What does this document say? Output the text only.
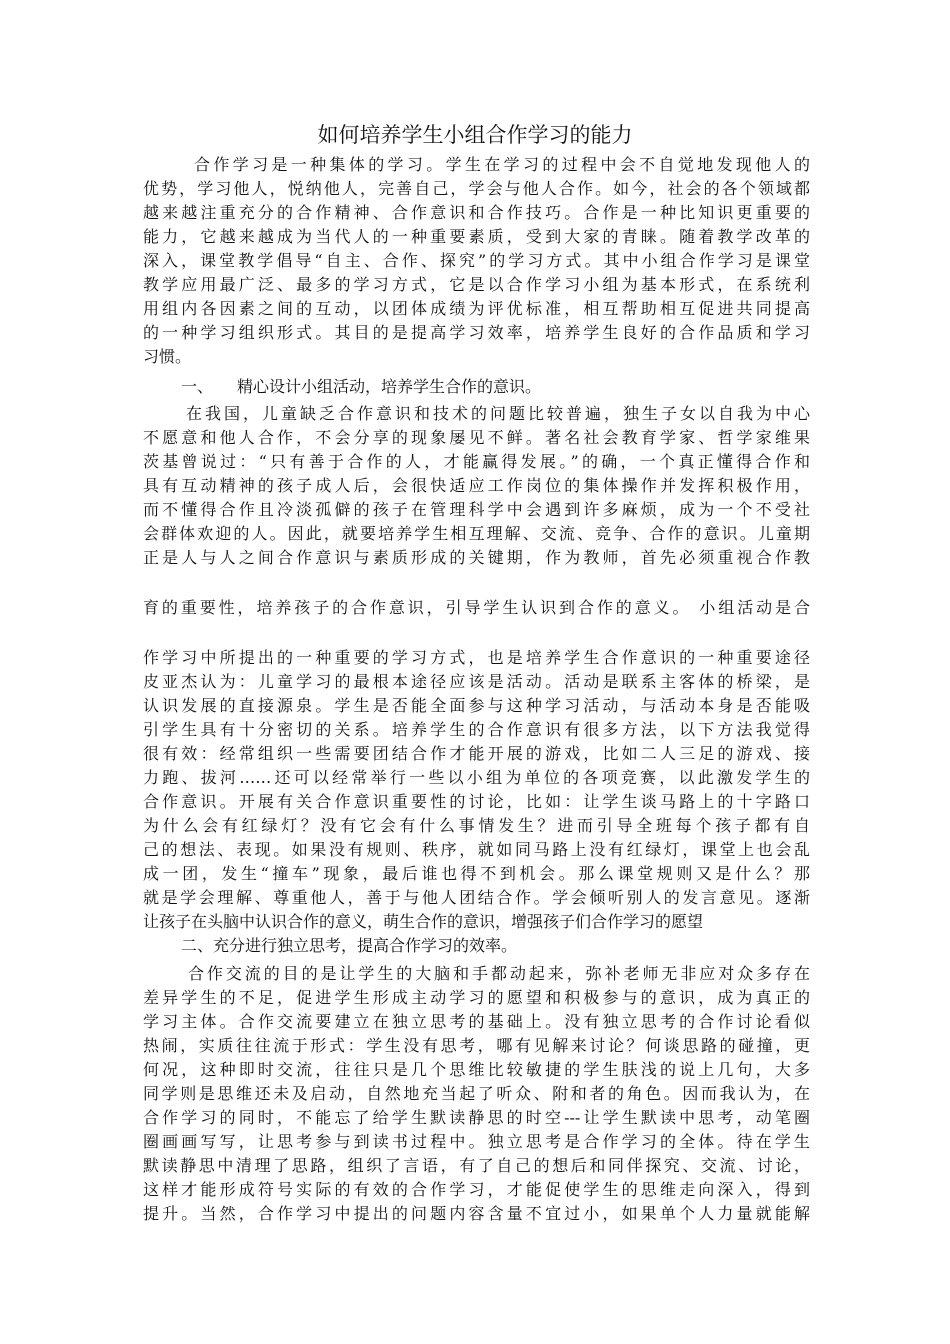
如何培养学生小组合作学习的能力
合作学习是一种集体的学习。学生在学习的过程中会不自觉地发现他人的
优势，学习他人，悦纳他人，完善自己，学会与他人合作。如今，社会的各个领域都
越来越注重充分的合作精神、合作意识和合作技巧。合作是一种比知识更重要的
能力，它越来越成为当代人的一种重要素质，受到大家的青睐。随着教学改革的
深入，课堂教学倡导“自主、合作、探究”的学习方式。其中小组合作学习是课堂
教学应用最广泛、最多的学习方式，它是以合作学习小组为基本形式，在系统利
用组内各因素之间的互动，以团体成绩为评优标准，相互帮助相互促进共同提高
的一种学习组织形式。其目的是提高学习效率，培养学生良好的合作品质和学习
习惯。
一、　　精心设计小组活动，培养学生合作的意识。
在我国，儿童缺乏合作意识和技术的问题比较普遍，独生子女以自我为中心
不愿意和他人合作，不会分享的现象屡见不鲜。著名社会教育学家、哲学家维果
茨基曾说过：“只有善于合作的人，才能赢得发展。”的确，一个真正懂得合作和
具有互动精神的孩子成人后，会很快适应工作岗位的集体操作并发挥积极作用，
而不懂得合作且冷淡孤僻的孩子在管理科学中会遇到许多麻烦，成为一个不受社
会群体欢迎的人。因此，就要培养学生相互理解、交流、竞争、合作的意识。儿童期
正是人与人之间合作意识与素质形成的关键期，作为教师，首先必须重视合作教
育的重要性，培养孩子的合作意识，引导学生认识到合作的意义。 小组活动是合
作学习中所提出的一种重要的学习方式，也是培养学生合作意识的一种重要途径
皮亚杰认为：儿童学习的最根本途径应该是活动。活动是联系主客体的桥梁，是
认识发展的直接源泉。学生是否能全面参与这种学习活动，与活动本身是否能吸
引学生具有十分密切的关系。培养学生的合作意识有很多方法，以下方法我觉得
很有效：经常组织一些需要团结合作才能开展的游戏，比如二人三足的游戏、接
力跑、拔河……还可以经常举行一些以小组为单位的各项竞赛，以此激发学生的
合作意识。开展有关合作意识重要性的讨论，比如：让学生谈马路上的十字路口
为什么会有红绿灯？没有它会有什么事情发生？进而引导全班每个孩子都有自
己的想法、表现。如果没有规则、秩序，就如同马路上没有红绿灯，课堂上也会乱
成一团，发生“撞车”现象，最后谁也得不到机会。那么课堂规则又是什么？那
就是学会理解、尊重他人，善于与他人团结合作。学会倾听别人的发言意见。逐渐
让孩子在头脑中认识合作的意义，萌生合作的意识，增强孩子们合作学习的愿望
二、充分进行独立思考，提高合作学习的效率。
合作交流的目的是让学生的大脑和手都动起来，弥补老师无非应对众多存在
差异学生的不足，促进学生形成主动学习的愿望和积极参与的意识，成为真正的
学习主体。合作交流要建立在独立思考的基础上。没有独立思考的合作讨论看似
热闹，实质往往流于形式：学生没有思考，哪有见解来讨论？何谈思路的碰撞，更
何况，这种即时交流，往往只是几个思维比较敏捷的学生肤浅的说上几句，大多
同学则是思维还未及启动，自然地充当起了听众、附和者的角色。因而我认为，在
合作学习的同时，不能忘了给学生默读静思的时空---让学生默读中思考，动笔圈
圈画画写写，让思考参与到读书过程中。独立思考是合作学习的全体。待在学生
默读静思中清理了思路，组织了言语，有了自己的想后和同伴探究、交流、讨论，
这样才能形成符号实际的有效的合作学习，才能促使学生的思维走向深入，得到
提升。当然，合作学习中提出的问题内容含量不宜过小，如果单个人力量就能解
